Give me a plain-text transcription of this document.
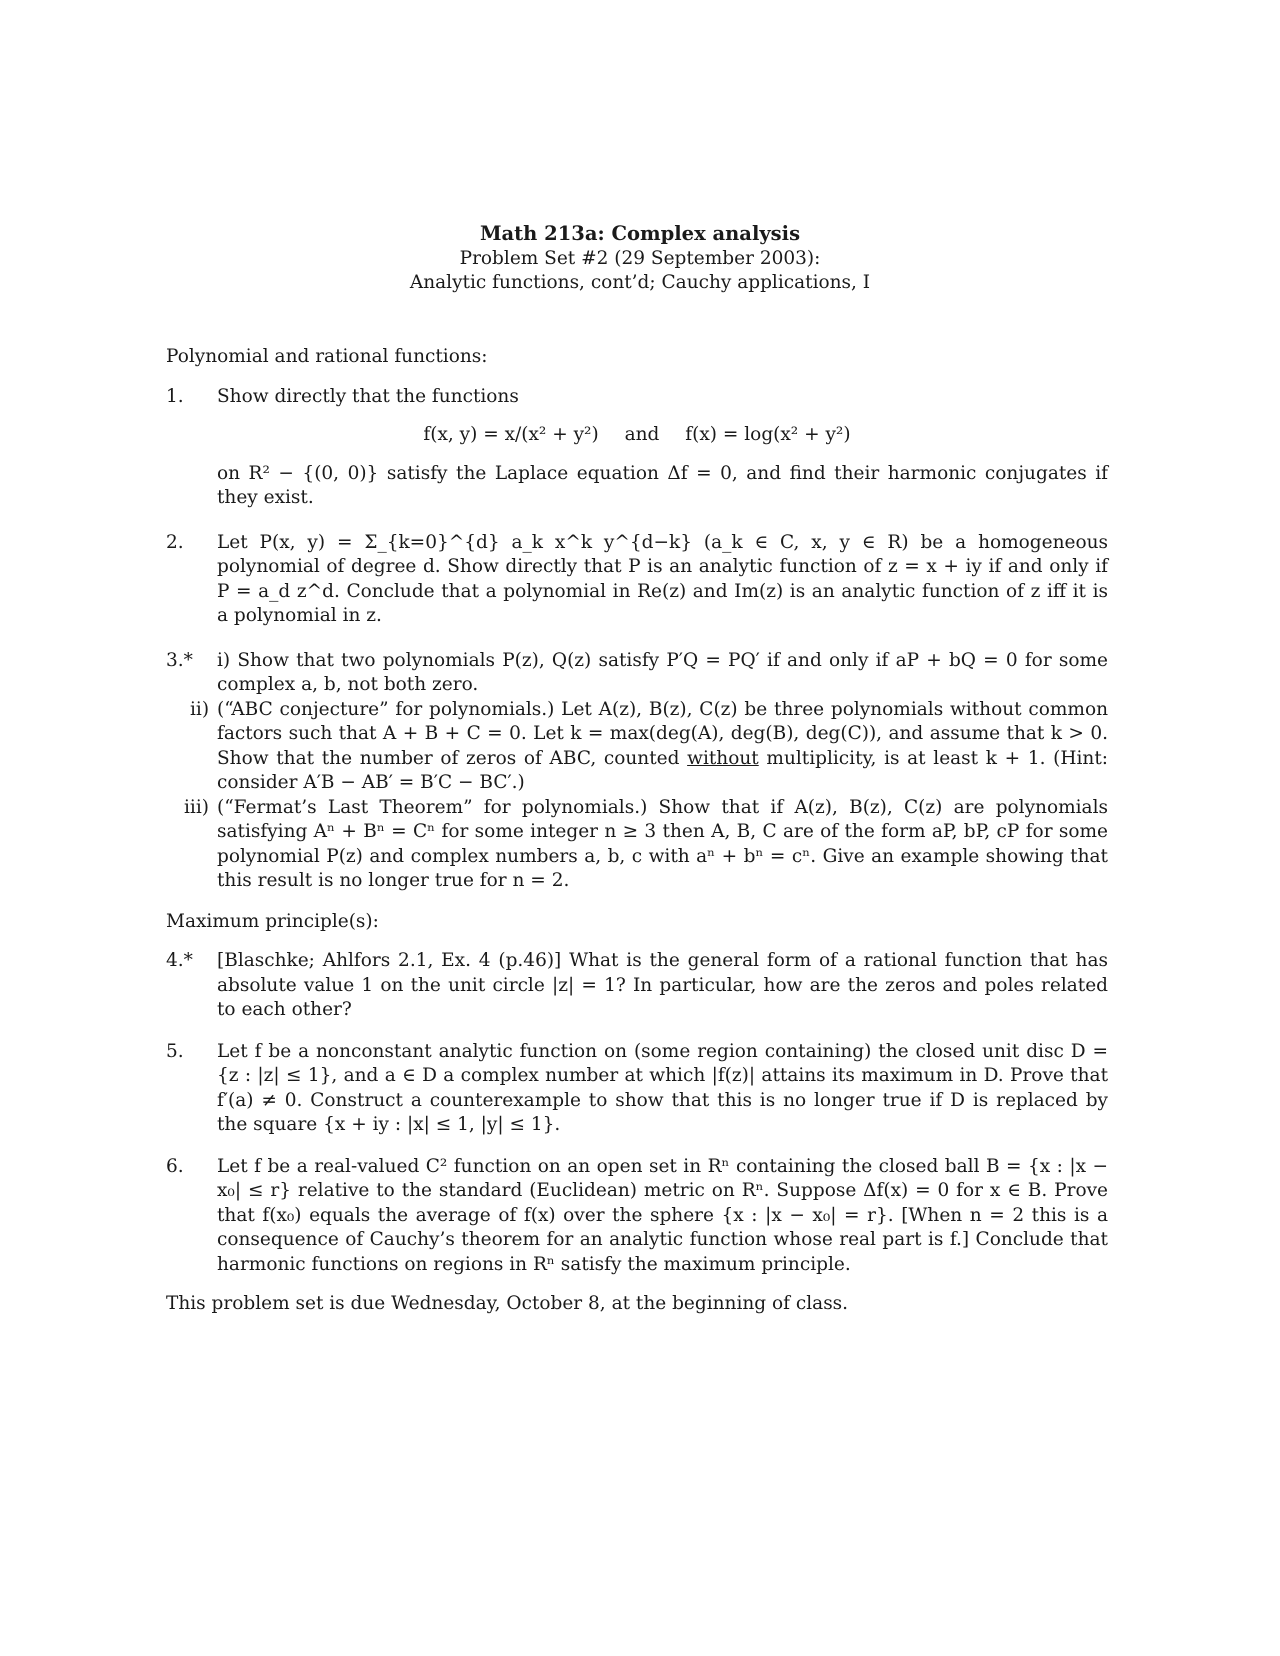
Math 213a: Complex analysis
Problem Set #2 (29 September 2003):
Analytic functions, cont’d; Cauchy applications, I

Polynomial and rational functions:

1. Show directly that the functions

f(x, y) = x/(x² + y²) and f(x) = log(x² + y²)

on R² − {(0, 0)} satisfy the Laplace equation Δf = 0, and find their harmonic conjugates if they exist.

2. Let P(x, y) = Σ_{k=0}^{d} a_k x^k y^{d−k} (a_k ∈ C, x, y ∈ R) be a homogeneous polynomial of degree d. Show directly that P is an analytic function of z = x + iy if and only if P = a_d z^d. Conclude that a polynomial in Re(z) and Im(z) is an analytic function of z iff it is a polynomial in z.

3.* i) Show that two polynomials P(z), Q(z) satisfy P′Q = PQ′ if and only if aP + bQ = 0 for some complex a, b, not both zero.

ii) (“ABC conjecture” for polynomials.) Let A(z), B(z), C(z) be three polynomials without common factors such that A + B + C = 0. Let k = max(deg(A), deg(B), deg(C)), and assume that k > 0. Show that the number of zeros of ABC, counted without multiplicity, is at least k + 1. (Hint: consider A′B − AB′ = B′C − BC′.)

iii) (“Fermat’s Last Theorem” for polynomials.) Show that if A(z), B(z), C(z) are polynomials satisfying Aⁿ + Bⁿ = Cⁿ for some integer n ≥ 3 then A, B, C are of the form aP, bP, cP for some polynomial P(z) and complex numbers a, b, c with aⁿ + bⁿ = cⁿ. Give an example showing that this result is no longer true for n = 2.

Maximum principle(s):

4.* [Blaschke; Ahlfors 2.1, Ex. 4 (p.46)] What is the general form of a rational function that has absolute value 1 on the unit circle |z| = 1? In particular, how are the zeros and poles related to each other?

5. Let f be a nonconstant analytic function on (some region containing) the closed unit disc D = {z : |z| ≤ 1}, and a ∈ D a complex number at which |f(z)| attains its maximum in D. Prove that f′(a) ≠ 0. Construct a counterexample to show that this is no longer true if D is replaced by the square {x + iy : |x| ≤ 1, |y| ≤ 1}.

6. Let f be a real-valued C² function on an open set in Rⁿ containing the closed ball B = {x : |x − x₀| ≤ r} relative to the standard (Euclidean) metric on Rⁿ. Suppose Δf(x) = 0 for x ∈ B. Prove that f(x₀) equals the average of f(x) over the sphere {x : |x − x₀| = r}. [When n = 2 this is a consequence of Cauchy’s theorem for an analytic function whose real part is f.] Conclude that harmonic functions on regions in Rⁿ satisfy the maximum principle.

This problem set is due Wednesday, October 8, at the beginning of class.
